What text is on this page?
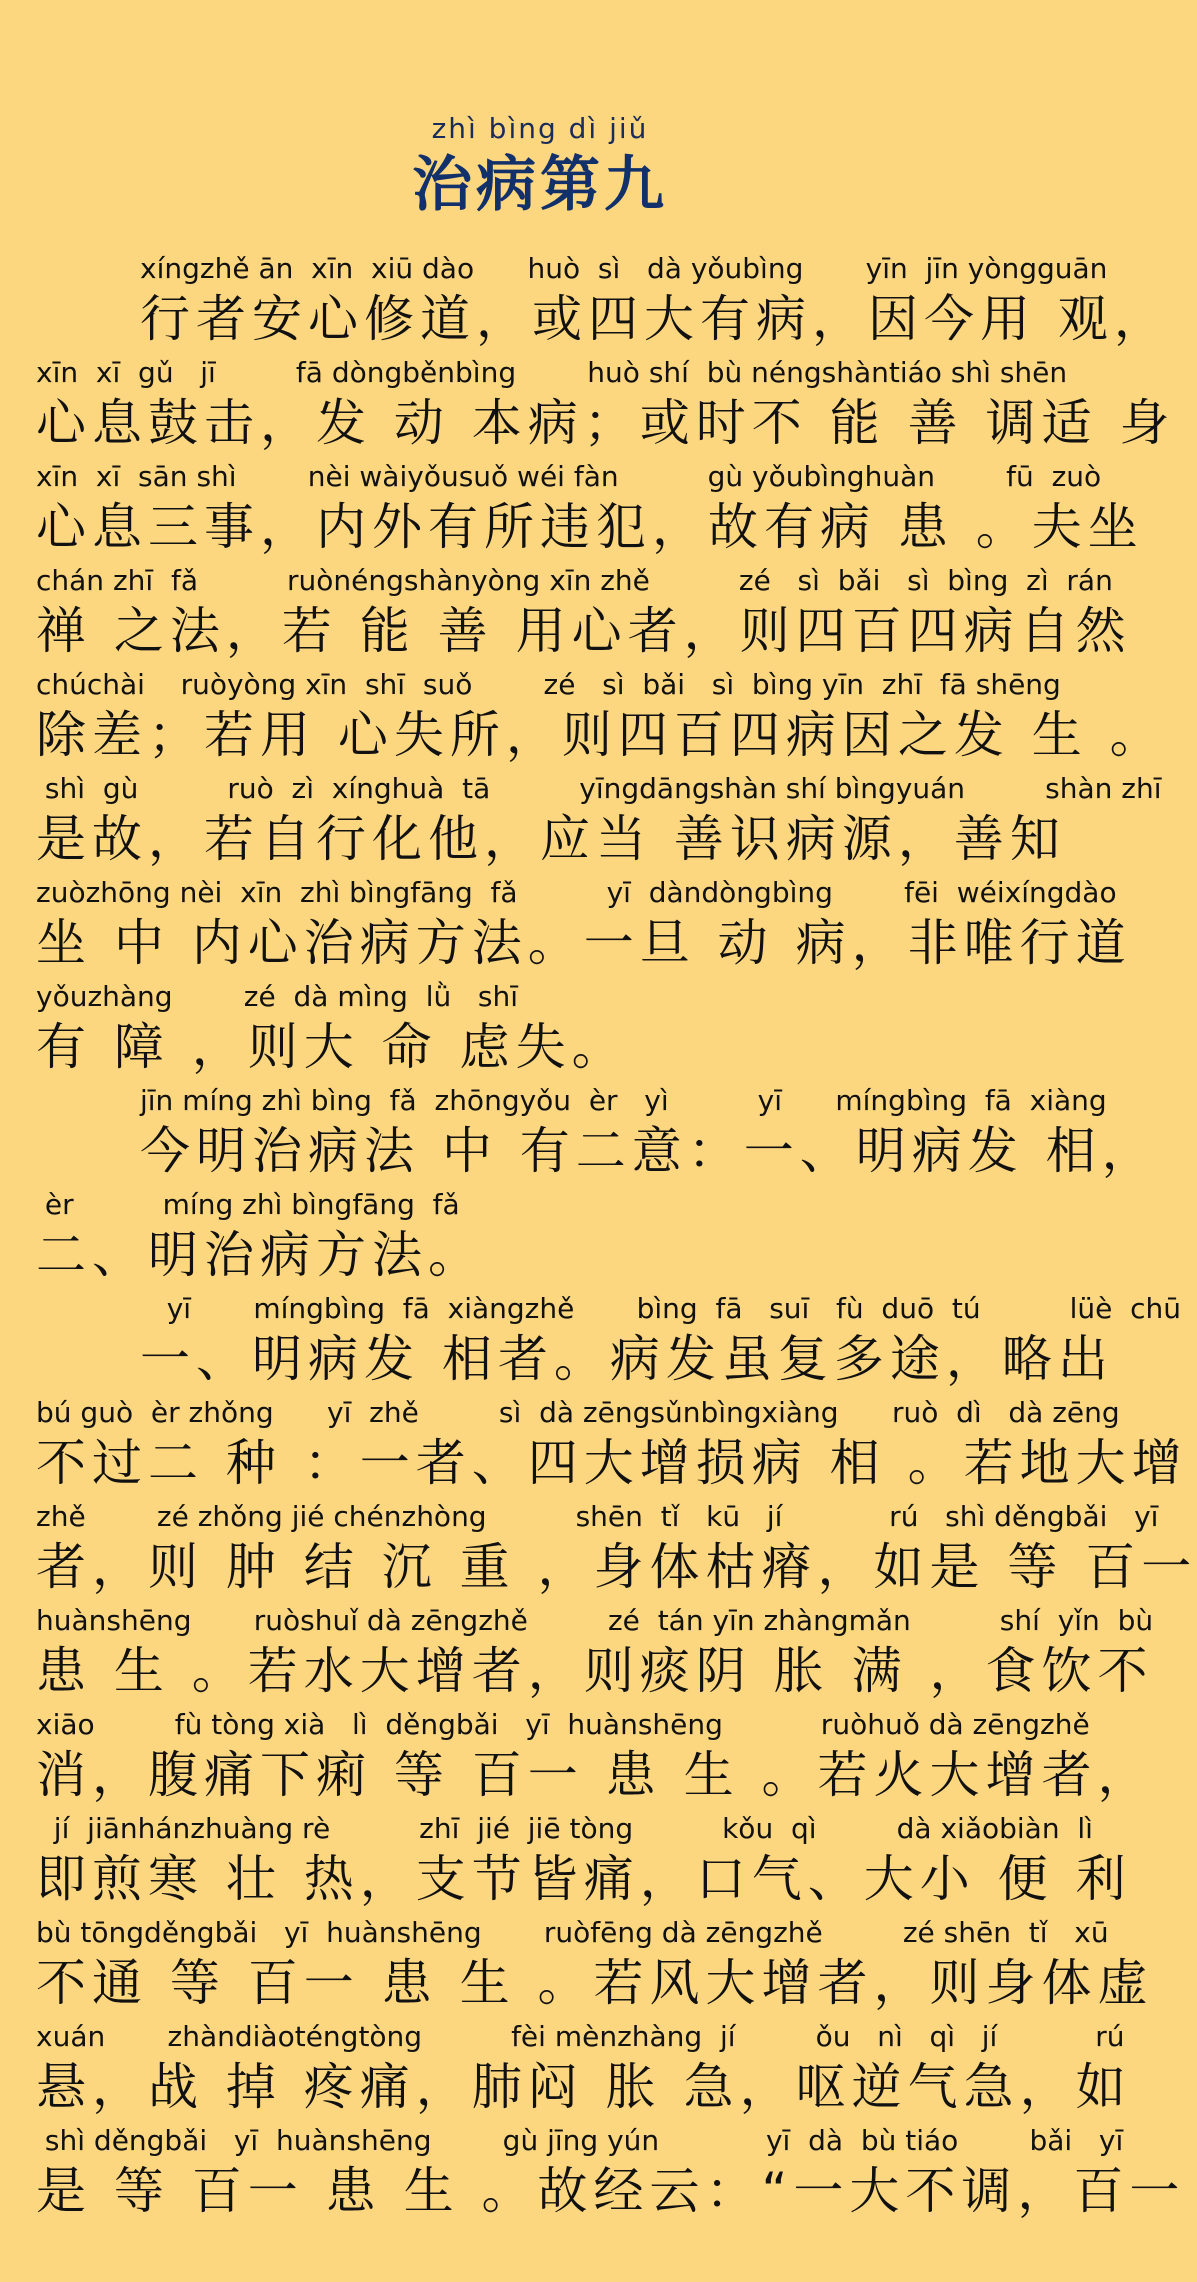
zhì bìng dì jiǔ
治病第九
xíngzhě ān  xīn  xiū dào      huò  sì   dà yǒubìng       yīn  jīn yòngguān
行者安心修道，或四大有病，因今用 观，
xīn  xī  gǔ   jī         fā dòngběnbìng        huò shí  bù néngshàntiáo shì shēn
心息鼓击，发 动 本病；或时不 能 善 调适 身
xīn  xī  sān shì        nèi wàiyǒusuǒ wéi fàn          gù yǒubìnghuàn        fū  zuò
心息三事，内外有所违犯，故有病 患 。夫坐
chán zhī  fǎ          ruònéngshànyòng xīn zhě          zé   sì  bǎi   sì  bìng  zì  rán
禅 之法，若 能 善 用心者，则四百四病自然
chúchài    ruòyòng xīn  shī  suǒ        zé   sì  bǎi   sì  bìng yīn  zhī  fā shēng
除差；若用 心失所，则四百四病因之发 生 。
shì  gù          ruò  zì  xínghuà  tā          yīngdāngshàn shí bìngyuán         shàn zhī
是故，若自行化他，应当 善识病源，善知
zuòzhōng nèi  xīn  zhì bìngfāng  fǎ          yī  dàndòngbìng        fēi  wéixíngdào
坐 中 内心治病方法。一旦 动 病，非唯行道
yǒuzhàng        zé  dà mìng  lǜ   shī
有 障 ，则大 命 虑失。
jīn míng zhì bìng  fǎ  zhōngyǒu  èr   yì          yī      míngbìng  fā  xiàng
今明治病法 中 有二意：一、明病发 相，
èr          míng zhì bìngfāng  fǎ
二、明治病方法。
yī       míngbìng  fā  xiàngzhě       bìng  fā   suī   fù  duō  tú          lüè  chū
一、明病发 相者。病发虽复多途，略出
bú guò  èr zhǒng      yī  zhě         sì  dà zēngsǔnbìngxiàng      ruò  dì   dà zēng
不过二 种 ：一者、四大增损病 相 。若地大增
zhě        zé zhǒng jié chénzhòng          shēn  tǐ   kū   jí            rú   shì děngbǎi   yī
者，则 肿 结 沉 重 ，身体枯瘠，如是 等 百一
huànshēng       ruòshuǐ dà zēngzhě         zé  tán yīn zhàngmǎn          shí  yǐn  bù
患 生 。若水大增者，则痰阴 胀 满 ，食饮不
xiāo         fù tòng xià   lì  děngbǎi   yī  huànshēng           ruòhuǒ dà zēngzhě
消，腹痛下痢 等 百一 患 生 。若火大增者，
jí  jiānhánzhuàng rè          zhī  jié  jiē tòng          kǒu  qì         dà xiǎobiàn  lì
即煎寒 壮 热，支节皆痛，口气、大小 便 利
bù tōngděngbǎi   yī  huànshēng       ruòfēng dà zēngzhě         zé shēn  tǐ   xū
不通 等 百一 患 生 。若风大增者，则身体虚
xuán       zhàndiàoténgtòng          fèi mènzhàng  jí         ǒu   nì   qì   jí           rú
悬，战 掉 疼痛，肺闷 胀 急，呕逆气急，如
shì děngbǎi   yī  huànshēng        gù jīng yún            yī  dà  bù tiáo        bǎi   yī
是 等 百一 患 生 。故经云：“一大不调，百一
